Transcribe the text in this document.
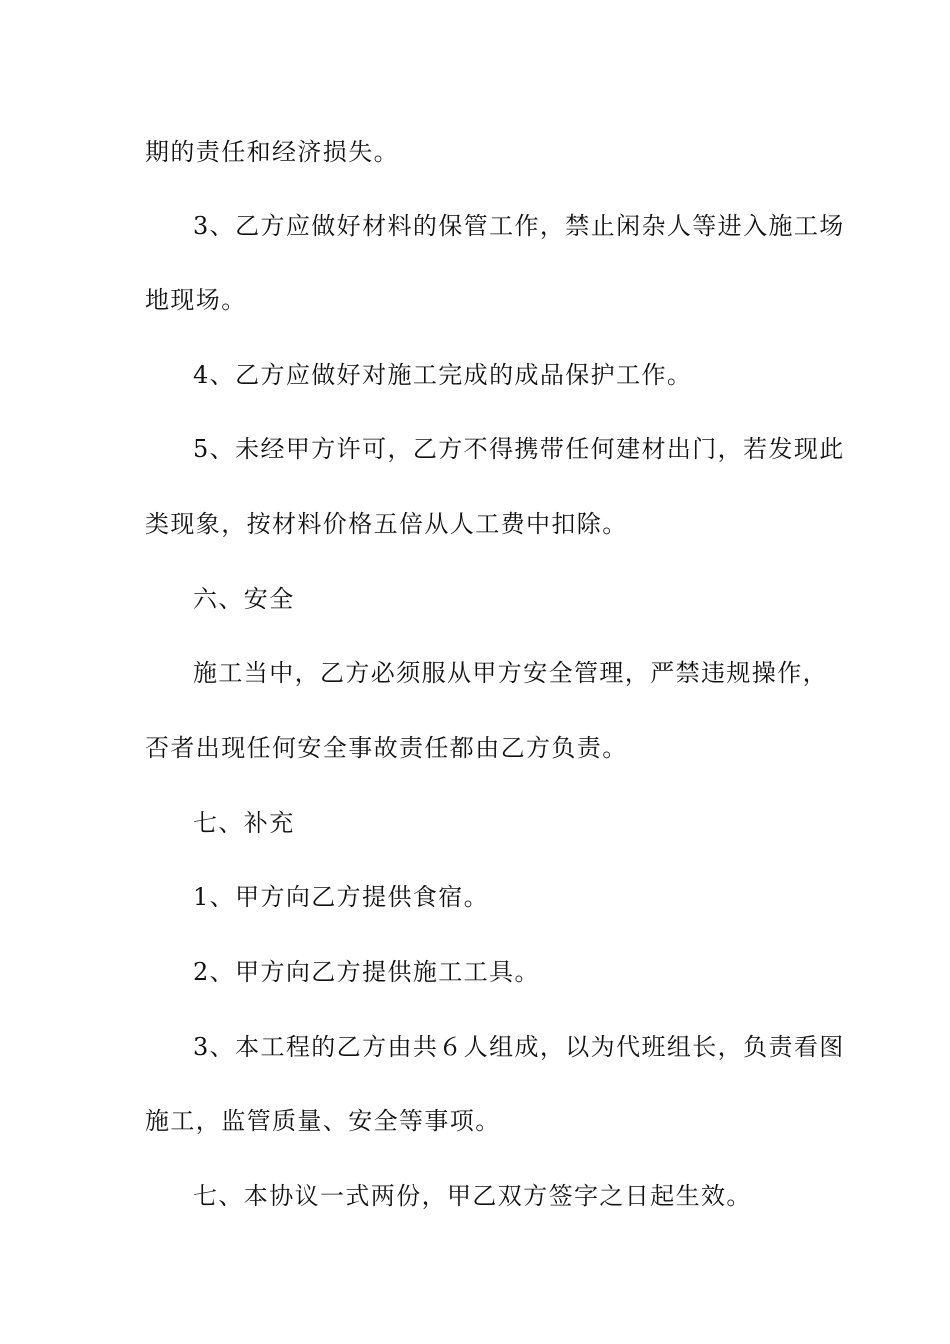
期的责任和经济损失。
3、乙方应做好材料的保管工作，禁止闲杂人等进入施工场
地现场。
4、乙方应做好对施工完成的成品保护工作。
5、未经甲方许可，乙方不得携带任何建材出门，若发现此
类现象，按材料价格五倍从人工费中扣除。
六、安全
施工当中，乙方必须服从甲方安全管理，严禁违规操作，
否者出现任何安全事故责任都由乙方负责。
七、补充
1、甲方向乙方提供食宿。
2、甲方向乙方提供施工工具。
3、本工程的乙方由共６人组成，以为代班组长，负责看图
施工，监管质量、安全等事项。
七、本协议一式两份，甲乙双方签字之日起生效。
